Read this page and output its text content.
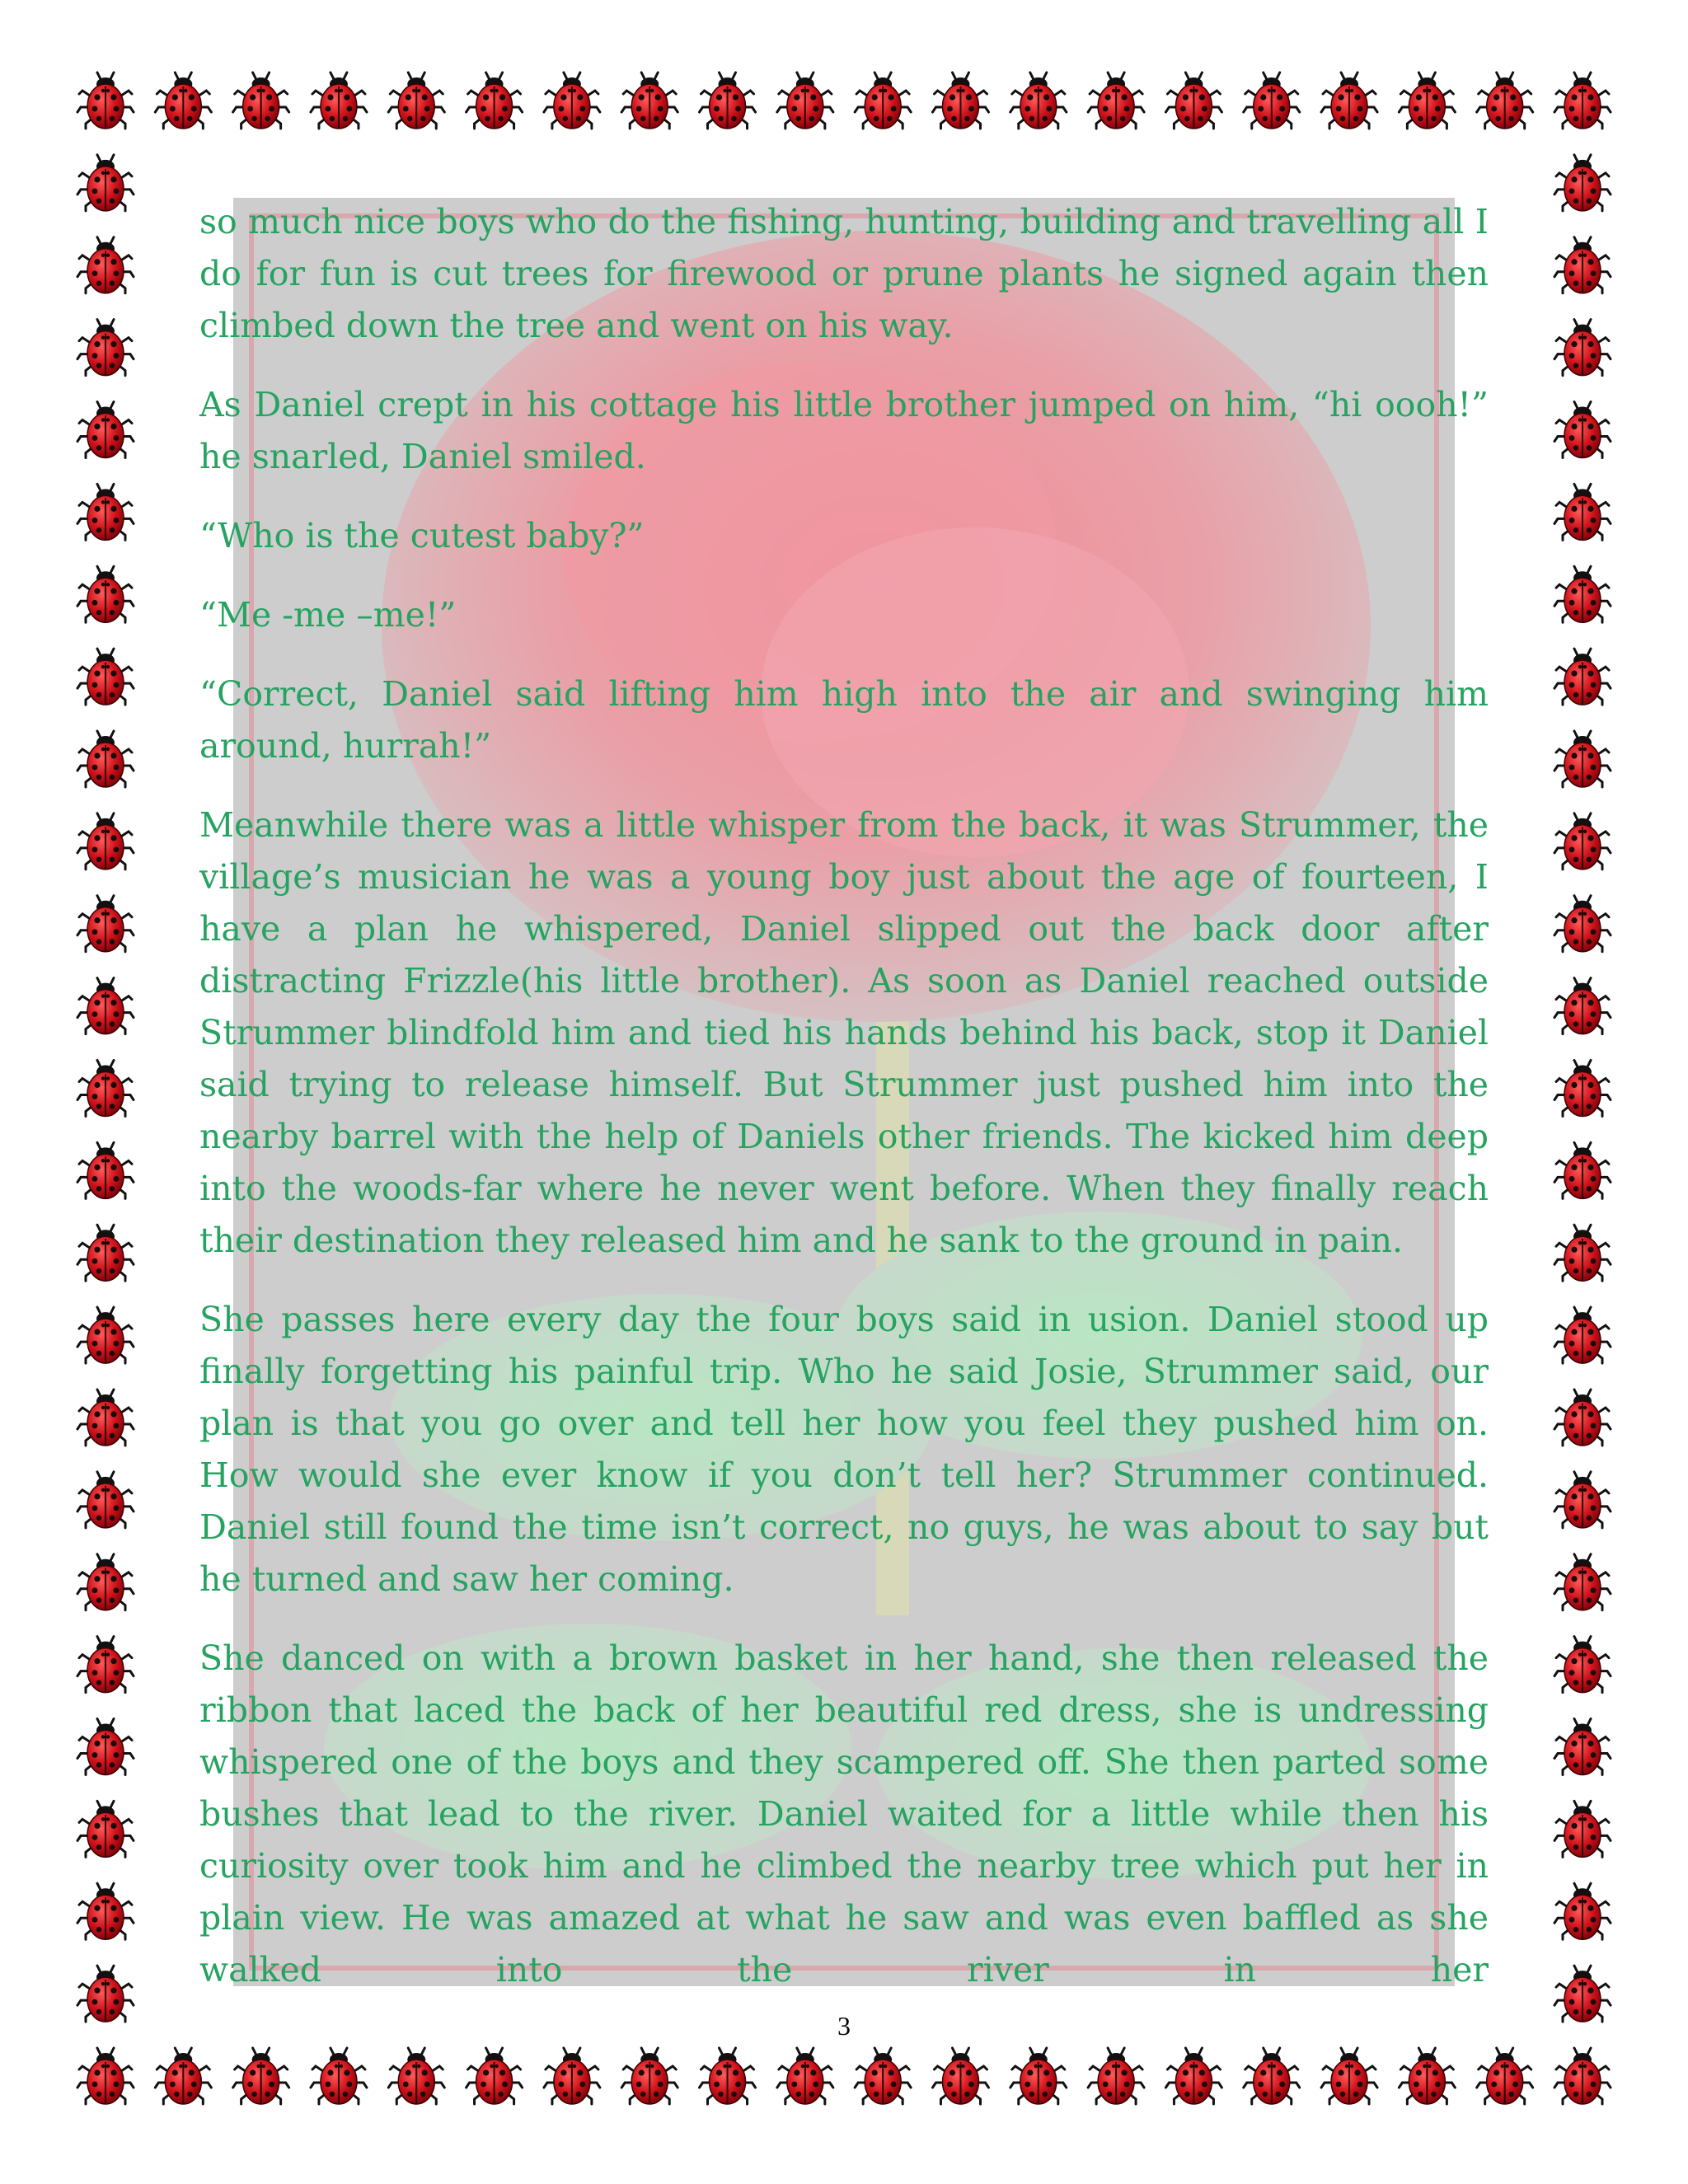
so much nice boys who do the fishing, hunting, building and travelling all I do for fun is cut trees for firewood or prune plants he signed again then climbed down the tree and went on his way.

As Daniel crept in his cottage his little brother jumped on him, “hi oooh!” he snarled, Daniel smiled.

“Who is the cutest baby?”

“Me -me –me!”

“Correct, Daniel said lifting him high into the air and swinging him around, hurrah!”

Meanwhile there was a little whisper from the back, it was Strummer, the village’s musician he was a young boy just about the age of fourteen, I have a plan he whispered, Daniel slipped out the back door after distracting Frizzle(his little brother). As soon as Daniel reached outside Strummer blindfold him and tied his hands behind his back, stop it Daniel said trying to release himself. But Strummer just pushed him into the nearby barrel with the help of Daniels other friends. The kicked him deep into the woods-far where he never went before. When they finally reach their destination they released him and he sank to the ground in pain.

She passes here every day the four boys said in usion. Daniel stood up finally forgetting his painful trip. Who he said Josie, Strummer said, our plan is that you go over and tell her how you feel they pushed him on. How would she ever know if you don’t tell her? Strummer continued. Daniel still found the time isn’t correct, no guys, he was about to say but he turned and saw her coming.

She danced on with a brown basket in her hand, she then released the ribbon that laced the back of her beautiful red dress, she is undressing whispered one of the boys and they scampered off. She then parted some bushes that lead to the river. Daniel waited for a little while then his curiosity over took him and he climbed the nearby tree which put her in plain view. He was amazed at what he saw and was even baffled as she walked into the river in her

3
